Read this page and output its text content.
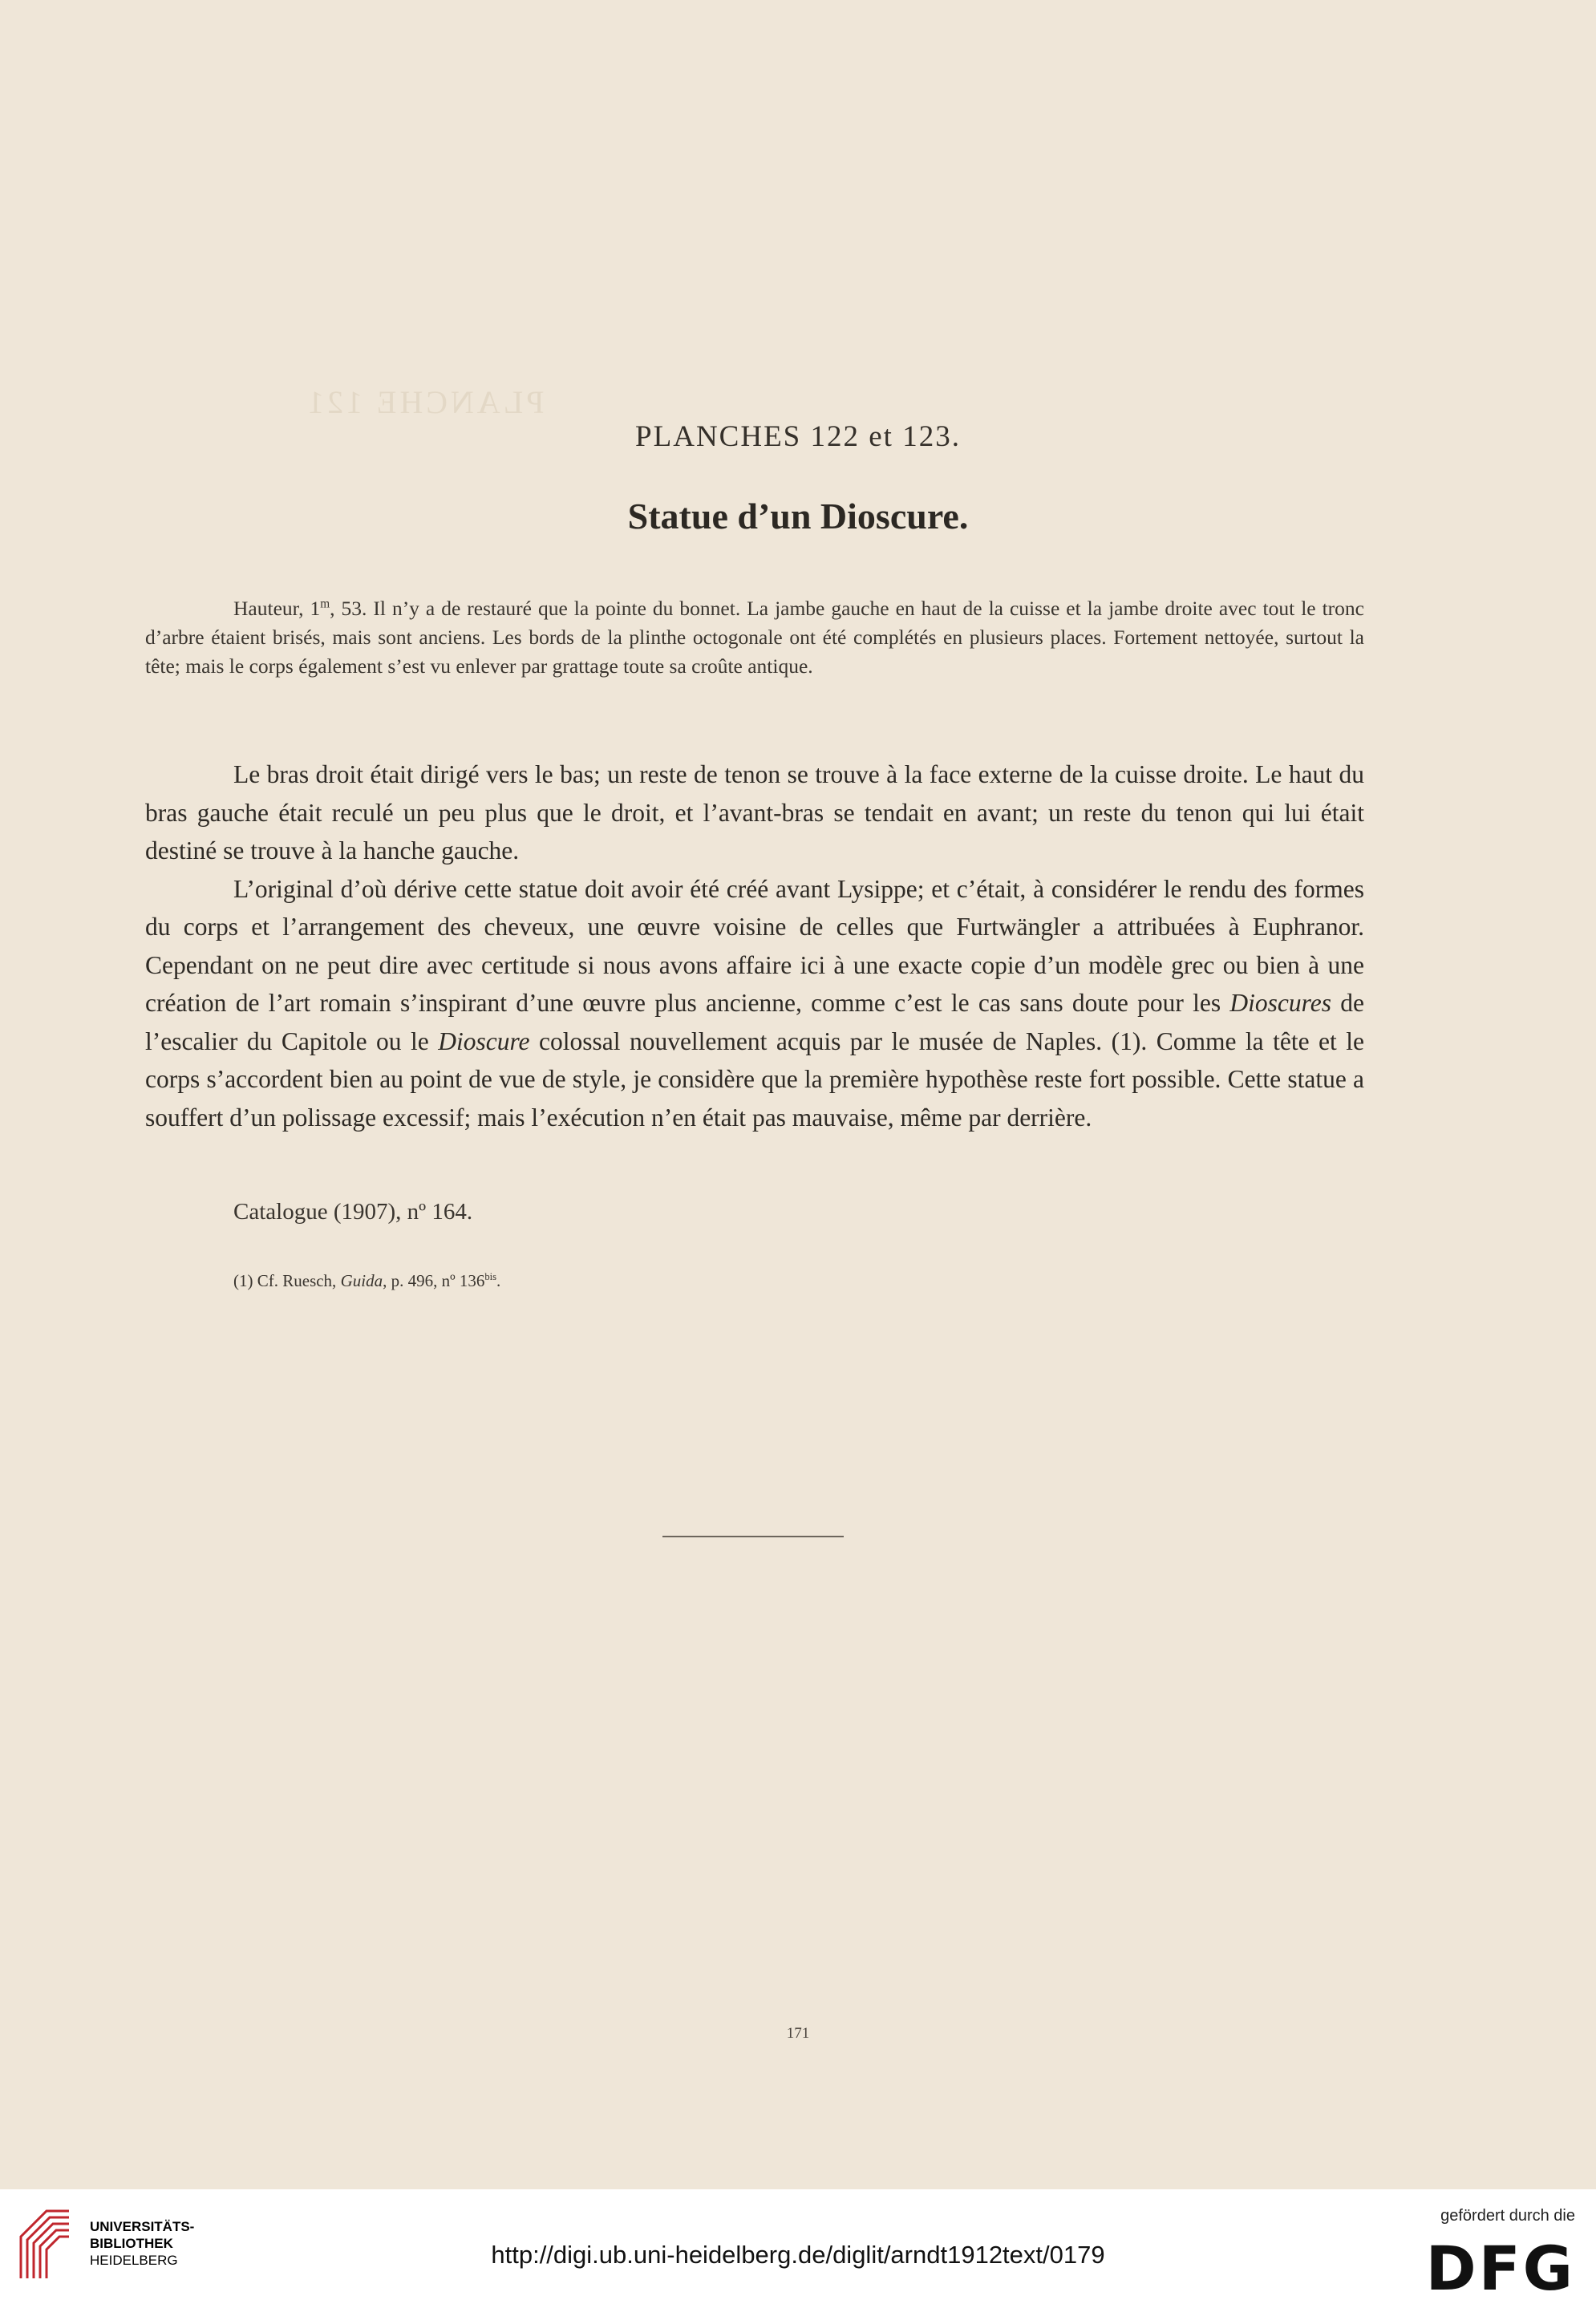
PLANCHE 121
PLANCHES 122 et 123.
Statue d’un Dioscure.
Hauteur, 1$^m$, 53. Il n’y a de restauré que la pointe du bonnet. La jambe gauche en haut de la cuisse et la jambe droite avec tout le tronc d’arbre étaient brisés, mais sont anciens. Les bords de la plinthe octogonale ont été complétés en plusieurs places. Fortement nettoyée, surtout la tête; mais le corps également s’est vu enlever par grattage toute sa croûte antique.

Le bras droit était dirigé vers le bas; un reste de tenon se trouve à la face externe de la cuisse droite. Le haut du bras gauche était reculé un peu plus que le droit, et l’avant-bras se tendait en avant; un reste du tenon qui lui était destiné se trouve à la hanche gauche.

L’original d’où dérive cette statue doit avoir été créé avant Lysippe; et c’était, à considérer le rendu des formes du corps et l’arrangement des cheveux, une œuvre voisine de celles que Furtwängler a attribuées à Euphranor. Cependant on ne peut dire avec certitude si nous avons affaire ici à une exacte copie d’un modèle grec ou bien à une création de l’art romain s’inspirant d’une œuvre plus ancienne, comme c’est le cas sans doute pour les Dioscures de l’escalier du Capitole ou le Dioscure colossal nouvellement acquis par le musée de Naples. (1). Comme la tête et le corps s’accordent bien au point de vue de style, je considère que la première hypothèse reste fort possible. Cette statue a souffert d’un polissage excessif; mais l’exécution n’en était pas mauvaise, même par derrière.

Catalogue (1907), nº 164.
(1) Cf. Ruesch, Guida, p. 496, nº $136^{bis}$.
171
UNIVERSITÄTS-
BIBLIOTHEK
HEIDELBERG	http://digi.ub.uni-heidelberg.de/diglit/arndt1912text/0179
gefördert durch die
DFG
